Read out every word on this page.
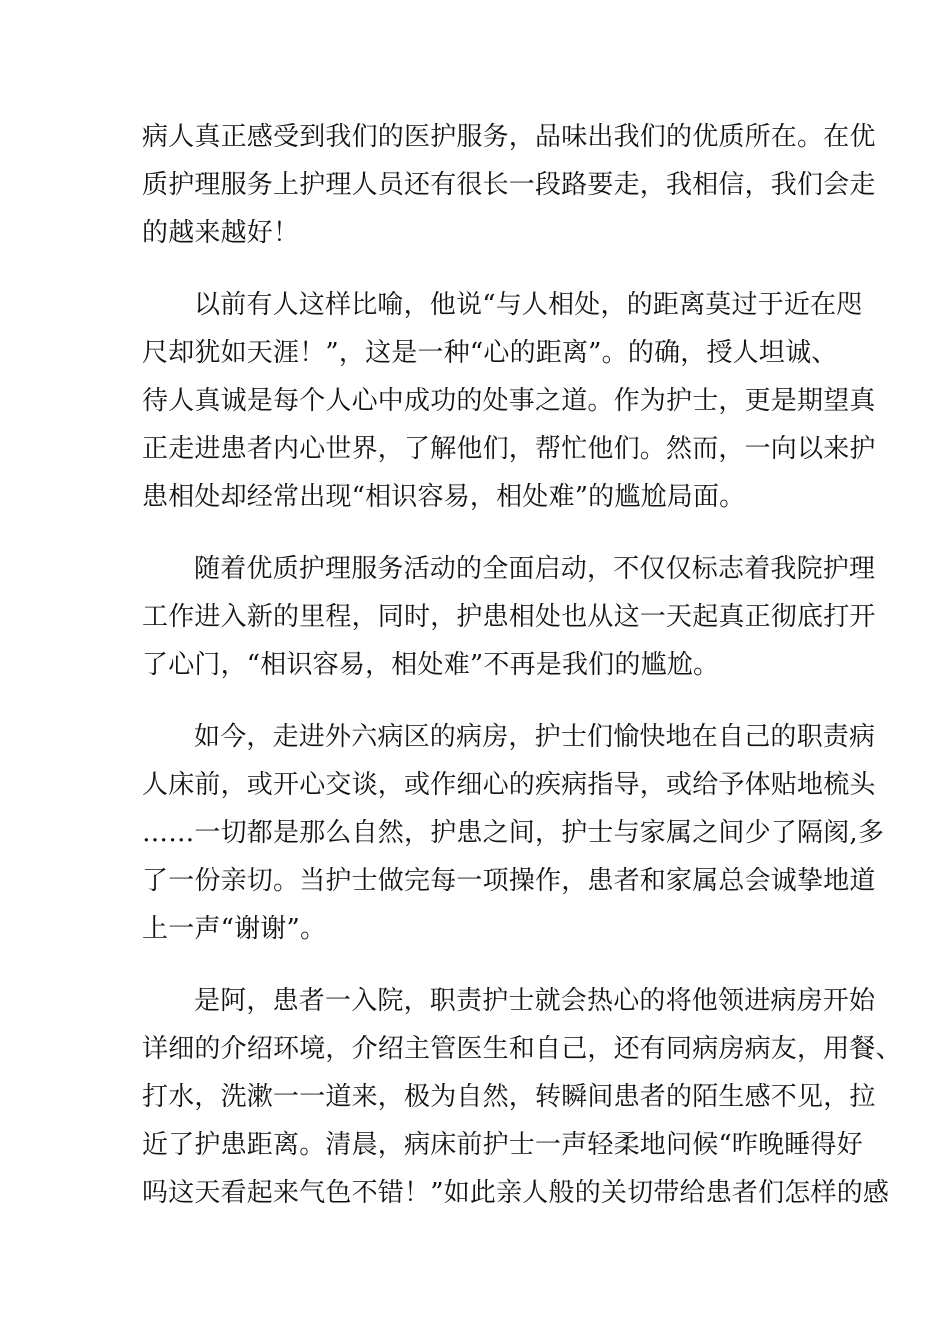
病人真正感受到我们的医护服务，品味出我们的优质所在。在优
质护理服务上护理人员还有很长一段路要走，我相信，我们会走
的越来越好！
以前有人这样比喻，他说“与人相处，的距离莫过于近在咫
尺却犹如天涯！”，这是一种“心的距离”。的确，授人坦诚、
待人真诚是每个人心中成功的处事之道。作为护士，更是期望真
正走进患者内心世界，了解他们，帮忙他们。然而，一向以来护
患相处却经常出现“相识容易，相处难”的尴尬局面。
随着优质护理服务活动的全面启动，不仅仅标志着我院护理
工作进入新的里程，同时，护患相处也从这一天起真正彻底打开
了心门，“相识容易，相处难”不再是我们的尴尬。
如今，走进外六病区的病房，护士们愉快地在自己的职责病
人床前，或开心交谈，或作细心的疾病指导，或给予体贴地梳头
……一切都是那么自然，护患之间，护士与家属之间少了隔阂,多
了一份亲切。当护士做完每一项操作，患者和家属总会诚挚地道
上一声“谢谢”。
是阿，患者一入院，职责护士就会热心的将他领进病房开始
详细的介绍环境，介绍主管医生和自己，还有同病房病友，用餐、
打水，洗漱一一道来，极为自然，转瞬间患者的陌生感不见，拉
近了护患距离。清晨，病床前护士一声轻柔地问候“昨晚睡得好
吗这天看起来气色不错！”如此亲人般的关切带给患者们怎样的感
